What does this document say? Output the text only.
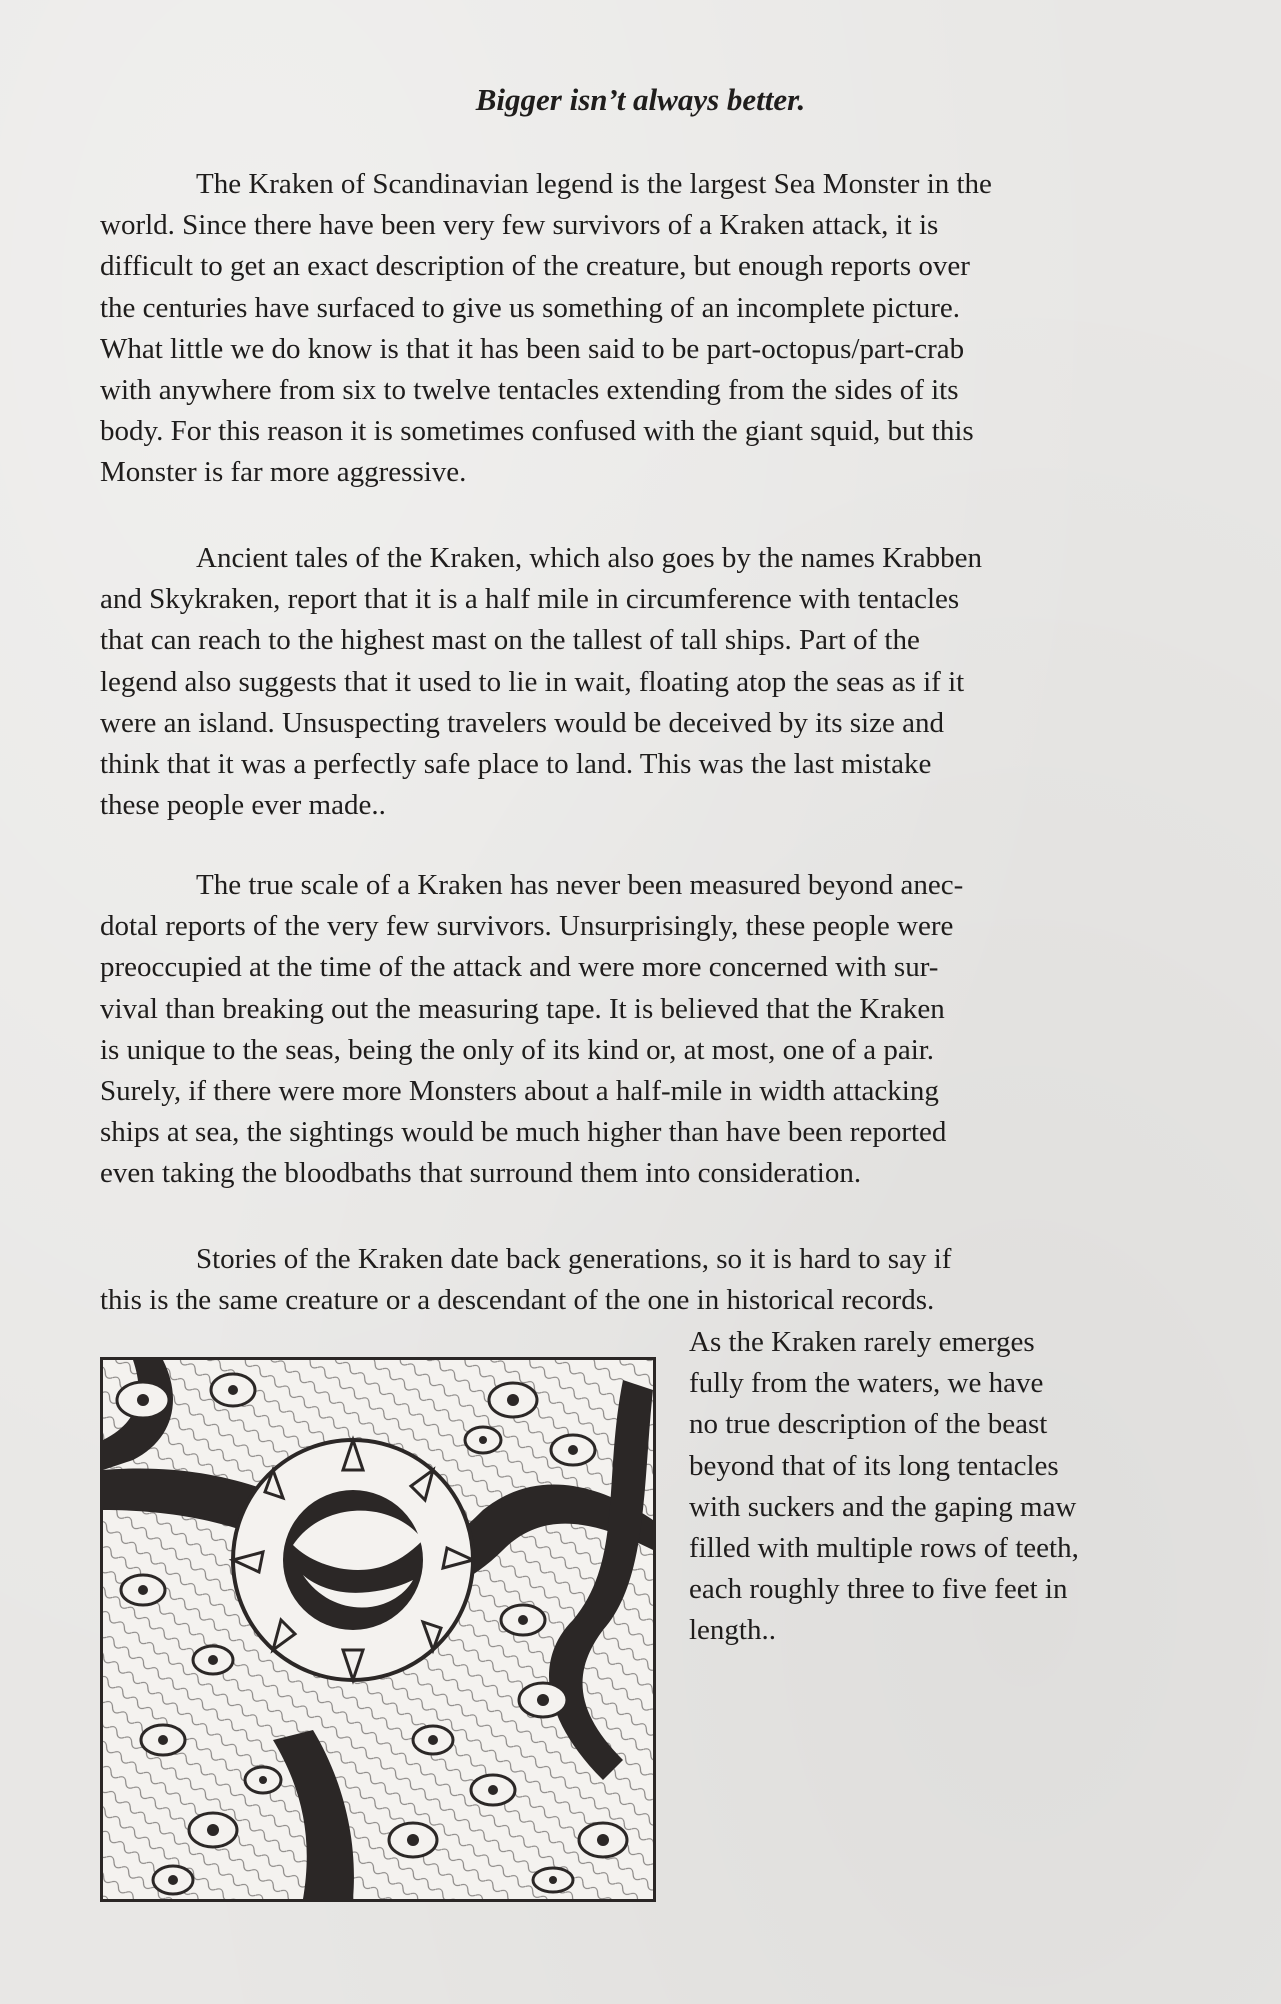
Bigger isn’t always better.

The Kraken of Scandinavian legend is the largest Sea Monster in the
world. Since there have been very few survivors of a Kraken attack, it is
difficult to get an exact description of the creature, but enough reports over
the centuries have surfaced to give us something of an incomplete picture.
What little we do know is that it has been said to be part-octopus/part-crab
with anywhere from six to twelve tentacles extending from the sides of its
body. For this reason it is sometimes confused with the giant squid, but this
Monster is far more aggressive.

Ancient tales of the Kraken, which also goes by the names Krabben
and Skykraken, report that it is a half mile in circumference with tentacles
that can reach to the highest mast on the tallest of tall ships. Part of the
legend also suggests that it used to lie in wait, floating atop the seas as if it
were an island. Unsuspecting travelers would be deceived by its size and
think that it was a perfectly safe place to land. This was the last mistake
these people ever made..

The true scale of a Kraken has never been measured beyond anec-
dotal reports of the very few survivors. Unsurprisingly, these people were
preoccupied at the time of the attack and were more concerned with sur-
vival than breaking out the measuring tape. It is believed that the Kraken
is unique to the seas, being the only of its kind or, at most, one of a pair.
Surely, if there were more Monsters about a half-mile in width attacking
ships at sea, the sightings would be much higher than have been reported
even taking the bloodbaths that surround them into consideration.

Stories of the Kraken date back generations, so it is hard to say if
this is the same creature or a descendant of the one in historical records.

As the Kraken rarely emerges
fully from the waters, we have
no true description of the beast
beyond that of its long tentacles
with suckers and the gaping maw
filled with multiple rows of teeth,
each roughly three to five feet in
length..
